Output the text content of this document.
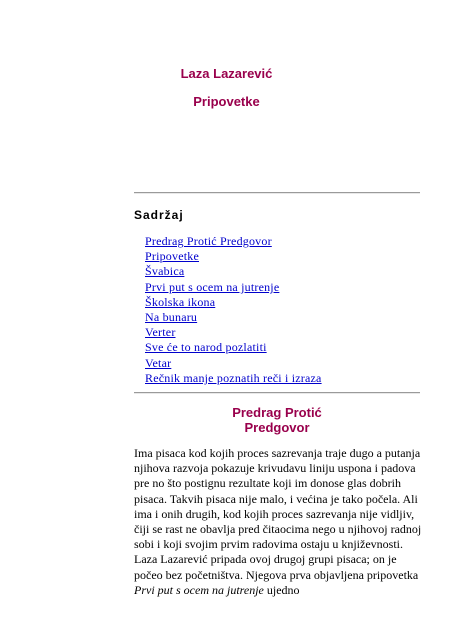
Laza Lazarević
Pripovetke
Sadržaj
Predrag Protić Predgovor
Pripovetke
Švabica
Prvi put s ocem na jutrenje
Školska ikona
Na bunaru
Verter
Sve će to narod pozlatiti
Vetar
Rečnik manje poznatih reči i izraza
Predrag Protić
Predgovor

Ima pisaca kod kojih proces sazrevanja traje dugo a putanja njihova razvoja pokazuje krivudavu liniju uspona i padova pre no što postignu rezultate koji im donose glas dobrih pisaca. Takvih pisaca nije malo, i većina je tako počela. Ali ima i onih drugih, kod kojih proces sazrevanja nije vidljiv, čiji se rast ne obavlja pred čitaocima nego u njihovoj radnoj sobi i koji svojim prvim radovima ostaju u književnosti. Laza Lazarević pripada ovoj drugoj grupi pisaca; on je počeo bez početništva. Njegova prva objavljena pripovetka Prvi put s ocem na jutrenje ujedno
